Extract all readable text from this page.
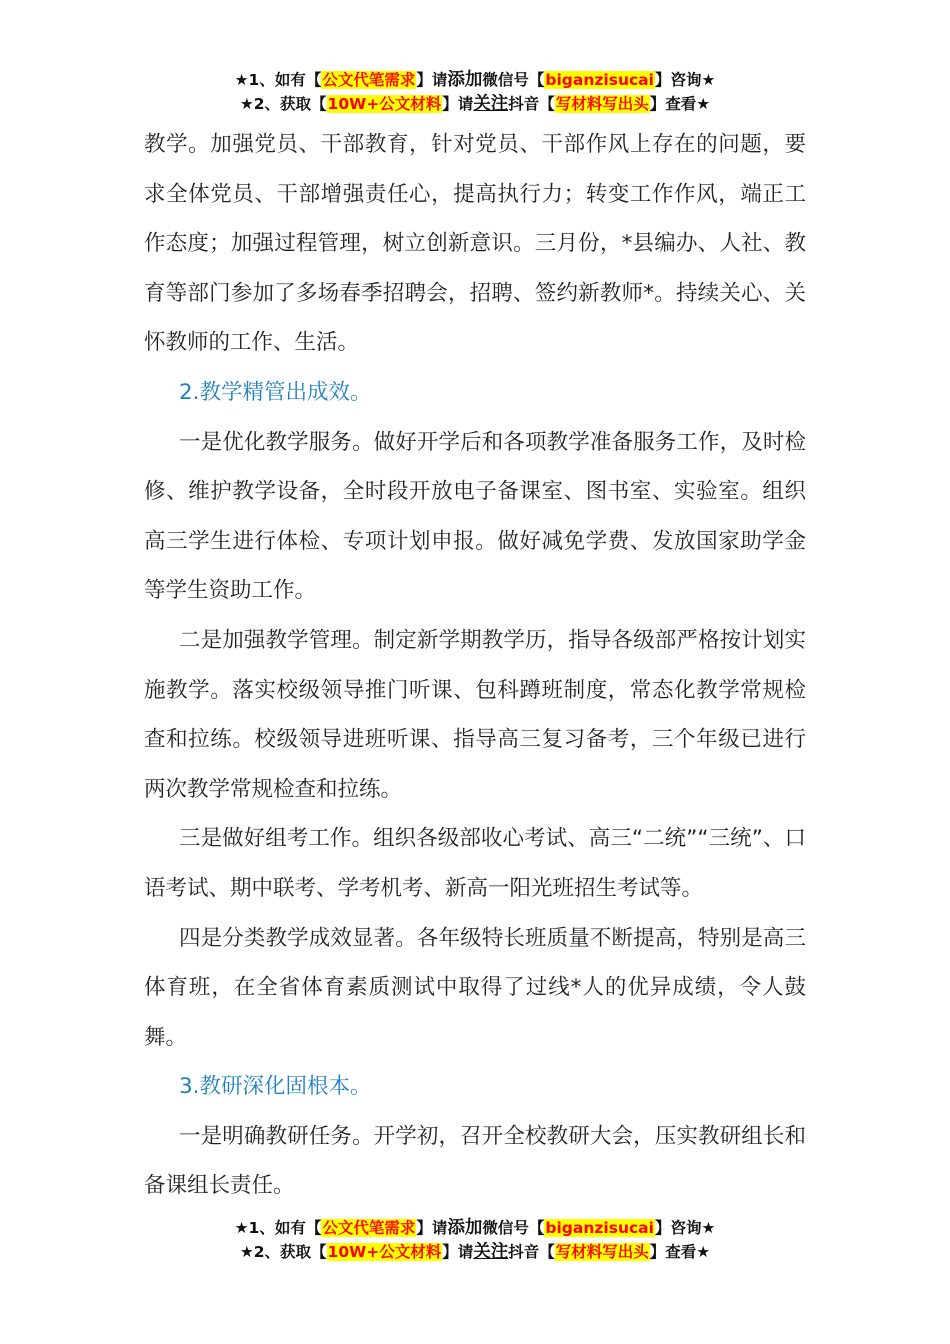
★1、如有【公文代笔需求】请添加微信号【biganzisucai】咨询★
★2、获取【10W+公文材料】请关注抖音【写材料写出头】查看★

教学。加强党员、干部教育，针对党员、干部作风上存在的问题，要求全体党员、干部增强责任心，提高执行力；转变工作作风，端正工作态度；加强过程管理，树立创新意识。三月份，*县编办、人社、教育等部门参加了多场春季招聘会，招聘、签约新教师*。持续关心、关怀教师的工作、生活。

2.教学精管出成效。

一是优化教学服务。做好开学后和各项教学准备服务工作，及时检修、维护教学设备，全时段开放电子备课室、图书室、实验室。组织高三学生进行体检、专项计划申报。做好减免学费、发放国家助学金等学生资助工作。

二是加强教学管理。制定新学期教学历，指导各级部严格按计划实施教学。落实校级领导推门听课、包科蹲班制度，常态化教学常规检查和拉练。校级领导进班听课、指导高三复习备考，三个年级已进行两次教学常规检查和拉练。

三是做好组考工作。组织各级部收心考试、高三“二统”“三统”、口语考试、期中联考、学考机考、新高一阳光班招生考试等。

四是分类教学成效显著。各年级特长班质量不断提高，特别是高三体育班，在全省体育素质测试中取得了过线*人的优异成绩，令人鼓舞。

3.教研深化固根本。

一是明确教研任务。开学初，召开全校教研大会，压实教研组长和备课组长责任。

★1、如有【公文代笔需求】请添加微信号【biganzisucai】咨询★
★2、获取【10W+公文材料】请关注抖音【写材料写出头】查看★
